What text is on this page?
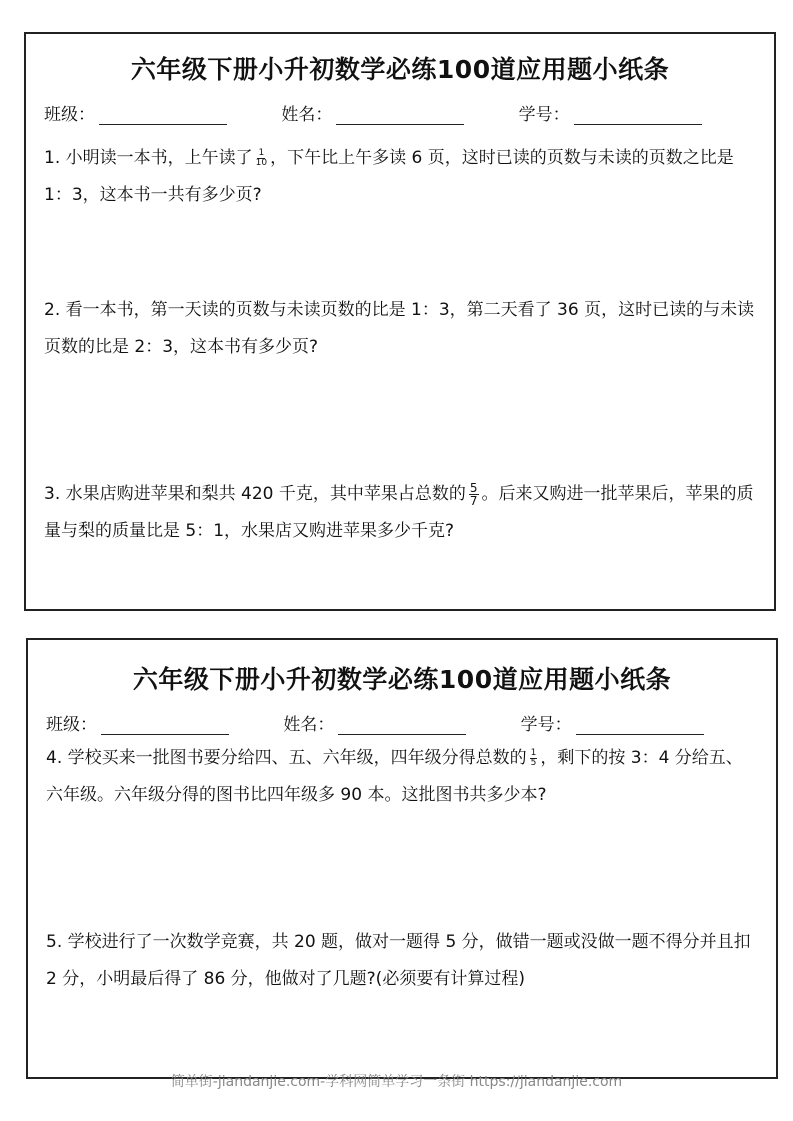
六年级下册小升初数学必练100道应用题小纸条
班级：	姓名：	学号：
1. 小明读一本书，上午读了 $\frac{1}{10}$ ，下午比上午多读 6 页，这时已读的页数与未读的页数之比是 1：3，这本书一共有多少页?
2. 看一本书，第一天读的页数与未读页数的比是 1：3，第二天看了 36 页，这时已读的与未读页数的比是 2：3，这本书有多少页?
3. 水果店购进苹果和梨共 420 千克，其中苹果占总数的 $\frac{5}{7}$ 。后来又购进一批苹果后，苹果的质量与梨的质量比是 5：1，水果店又购进苹果多少千克?
六年级下册小升初数学必练100道应用题小纸条
班级：	姓名：	学号：
4. 学校买来一批图书要分给四、五、六年级，四年级分得总数的 $\frac{1}{5}$ ，剩下的按 3：4 分给五、六年级。六年级分得的图书比四年级多 90 本。这批图书共多少本?
5. 学校进行了一次数学竞赛，共 20 题，做对一题得 5 分，做错一题或没做一题不得分并且扣 2 分，小明最后得了 86 分，他做对了几题?(必须要有计算过程)
简单街-jiandanjie.com-学科网简单学习一条街 https://jiandanjie.com
